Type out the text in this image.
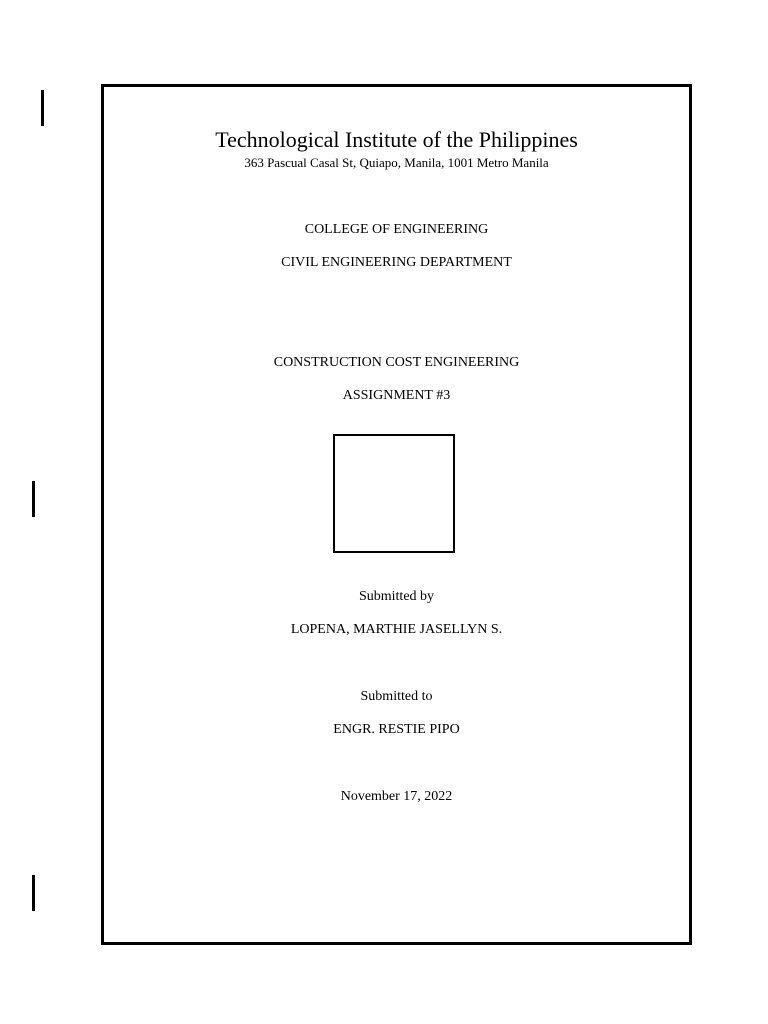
Technological Institute of the Philippines
363 Pascual Casal St, Quiapo, Manila, 1001 Metro Manila
COLLEGE OF ENGINEERING
CIVIL ENGINEERING DEPARTMENT
CONSTRUCTION COST ENGINEERING
ASSIGNMENT #3
Submitted by
LOPENA, MARTHIE JASELLYN S.
Submitted to
ENGR. RESTIE PIPO
November 17, 2022
